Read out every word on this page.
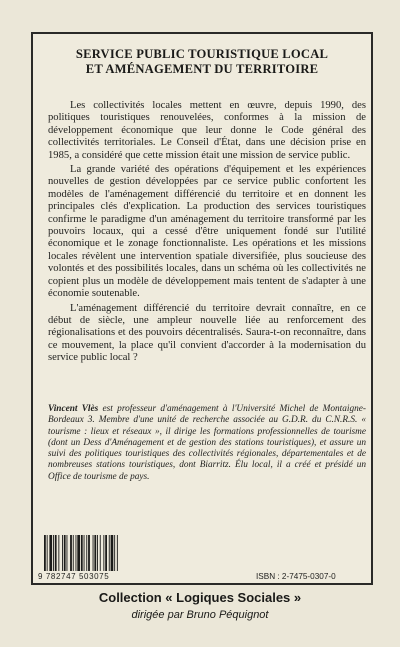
SERVICE PUBLIC TOURISTIQUE LOCAL
ET AMÉNAGEMENT DU TERRITOIRE

Les collectivités locales mettent en œuvre, depuis 1990, des politiques touristiques renouvelées, conformes à la mission de développement économique que leur donne le Code général des collectivités territoriales. Le Conseil d'État, dans une décision prise en 1985, a considéré que cette mission était une mission de service public.

La grande variété des opérations d'équipement et les expériences nouvelles de gestion développées par ce service public confortent les modèles de l'aménagement différencié du territoire et en donnent les principales clés d'explication. La production des services touristiques confirme le paradigme d'un aménagement du territoire transformé par les pouvoirs locaux, qui a cessé d'être uniquement fondé sur l'utilité économique et le zonage fonctionnaliste. Les opérations et les missions locales révèlent une intervention spatiale diversifiée, plus soucieuse des volontés et des possibilités locales, dans un schéma où les collectivités ne copient plus un modèle de développement mais tentent de s'adapter à une économie soutenable.

L'aménagement différencié du territoire devrait connaître, en ce début de siècle, une ampleur nouvelle liée au renforcement des régionalisations et des pouvoirs décentralisés. Saura-t-on reconnaître, dans ce mouvement, la place qu'il convient d'accorder à la modernisation du service public local ?

Vincent Vlès est professeur d'aménagement à l'Université Michel de Montaigne-Bordeaux 3. Membre d'une unité de recherche associée au G.D.R. du C.N.R.S. « tourisme : lieux et réseaux », il dirige les formations professionnelles de tourisme (dont un Dess d'Aménagement et de gestion des stations touristiques), et assure un suivi des politiques touristiques des collectivités régionales, départementales et de nombreuses stations touristiques, dont Biarritz. Élu local, il a créé et présidé un Office de tourisme de pays.
9 782747 503075	ISBN : 2-7475-0307-0
Collection « Logiques Sociales »
dirigée par Bruno Péquignot
